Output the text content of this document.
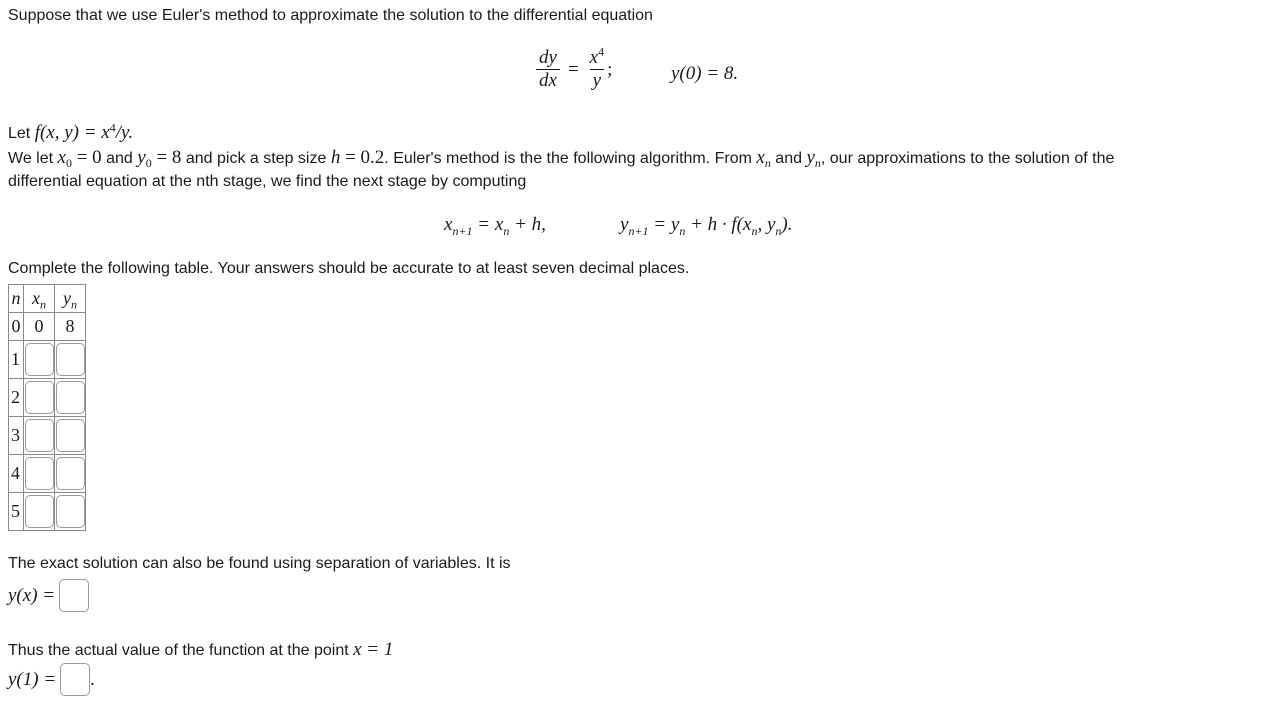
Suppose that we use Euler's method to approximate the solution to the differential equation
$\frac{dy}{dx} = \frac{x^4}{y}$ ;	y(0) = 8.
Let f(x, $y) = x^4/y$.
We let $x_0 = 0$ and $y_0 = 8$ and pick a step size h = 0.2. Euler's method is the the following algorithm. From $x_n$ and $y_n$, our approximations to the solution of the
differential equation at the nth stage, we find the next stage by computing
$x_{n+1} = x_n + h$,	$y_{n+1} = y_n + h \cdot f(x_n$, $y_n$).
Complete the following table. Your answers should be accurate to at least seven decimal places.
n	$x_n$	$y_n$
0	0	8
1		
2		
3		
4		
5		
The exact solution can also be found using separation of variables. It is
y(x) =
Thus the actual value of the function at the point x = 1
y(1) = .
